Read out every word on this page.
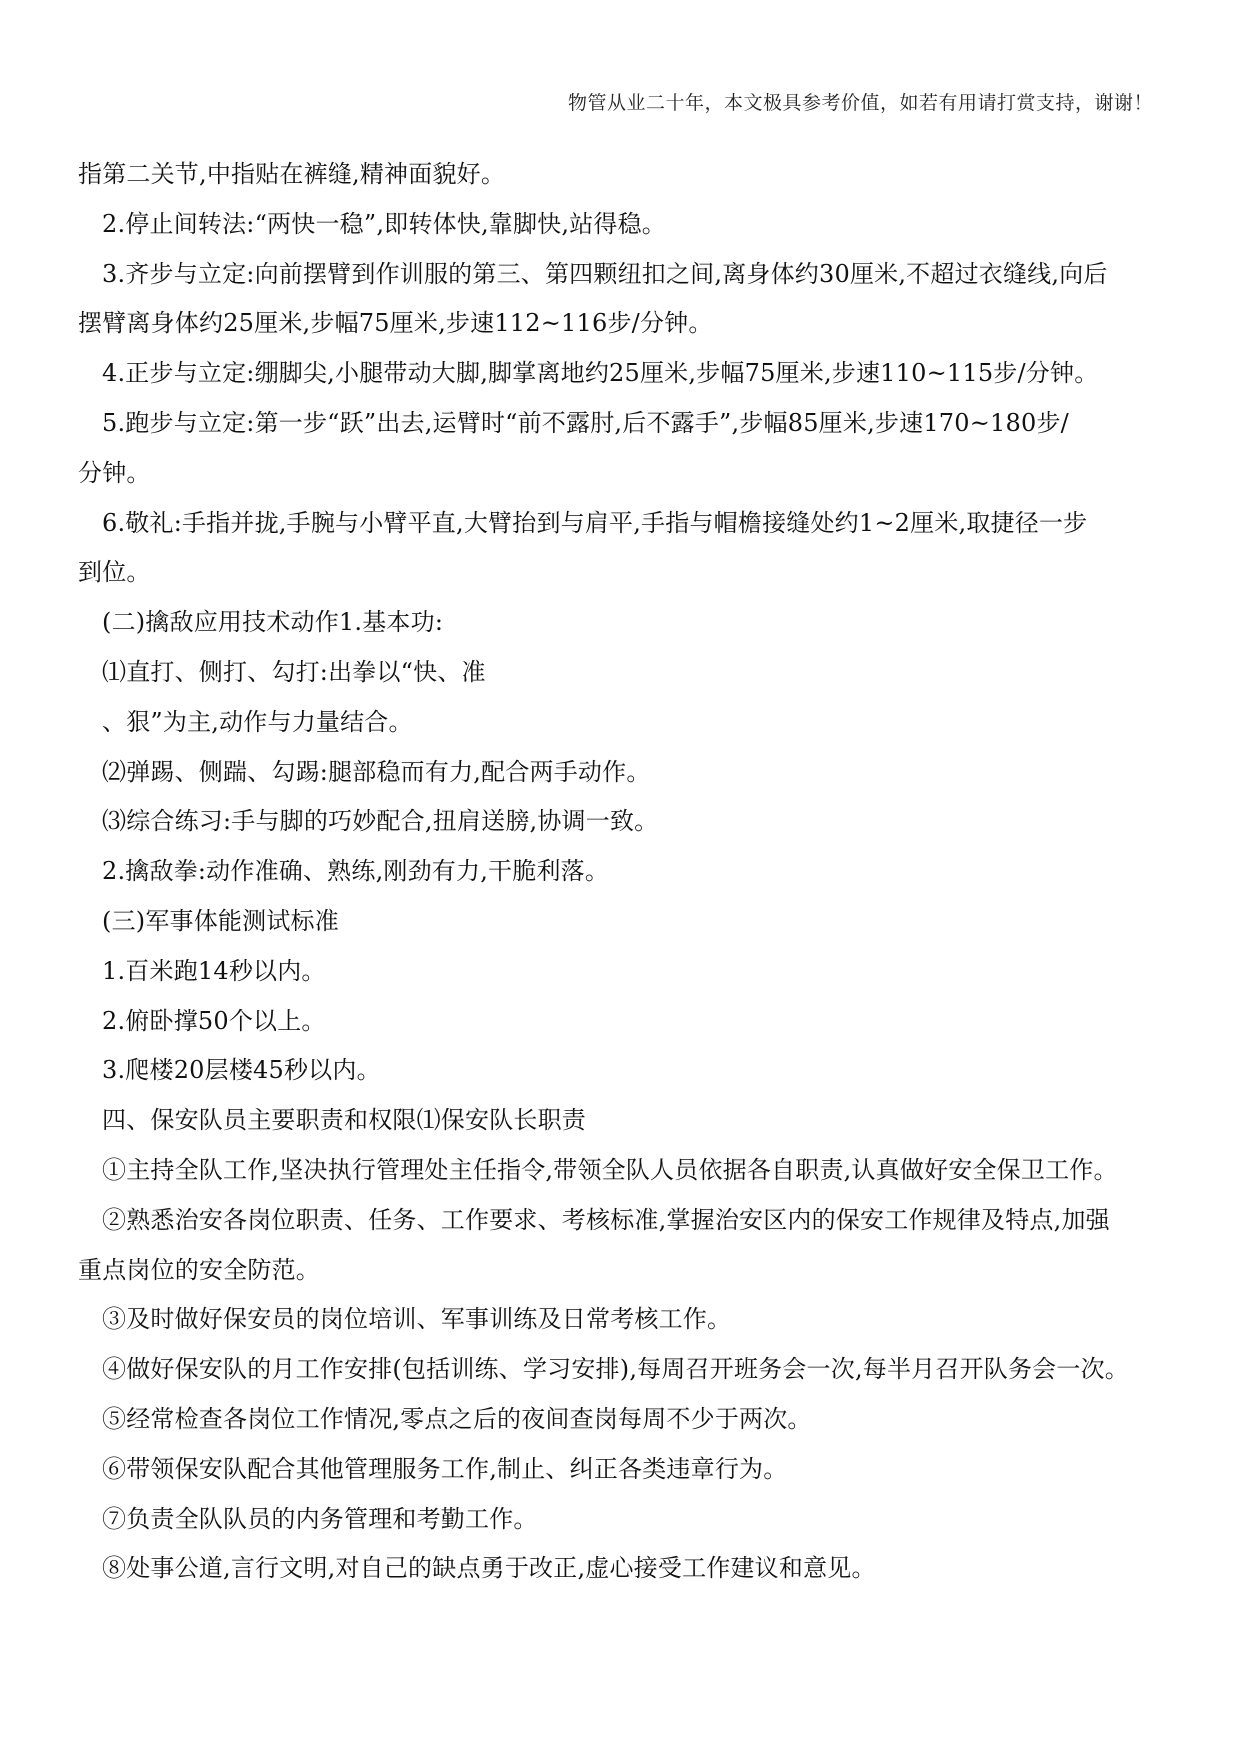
物管从业二十年，本文极具参考价值，如若有用请打赏支持，谢谢！

指第二关节,中指贴在裤缝,精神面貌好。

2.停止间转法:“两快一稳”,即转体快,靠脚快,站得稳。

3.齐步与立定:向前摆臂到作训服的第三、第四颗纽扣之间,离身体约30厘米,不超过衣缝线,向后

摆臂离身体约25厘米,步幅75厘米,步速112~116步/分钟。

4.正步与立定:绷脚尖,小腿带动大脚,脚掌离地约25厘米,步幅75厘米,步速110~115步/分钟。

5.跑步与立定:第一步“跃”出去,运臂时“前不露肘,后不露手”,步幅85厘米,步速170~180步/

分钟。

6.敬礼:手指并拢,手腕与小臂平直,大臂抬到与肩平,手指与帽檐接缝处约1~2厘米,取捷径一步

到位。

(二)擒敌应用技术动作1.基本功:

⑴直打、侧打、勾打:出拳以“快、准

、狠”为主,动作与力量结合。

⑵弹踢、侧踹、勾踢:腿部稳而有力,配合两手动作。

⑶综合练习:手与脚的巧妙配合,扭肩送膀,协调一致。

2.擒敌拳:动作准确、熟练,刚劲有力,干脆利落。

(三)军事体能测试标准

1.百米跑14秒以内。

2.俯卧撑50个以上。

3.爬楼20层楼45秒以内。

四、保安队员主要职责和权限⑴保安队长职责

①主持全队工作,坚决执行管理处主任指令,带领全队人员依据各自职责,认真做好安全保卫工作。

②熟悉治安各岗位职责、任务、工作要求、考核标准,掌握治安区内的保安工作规律及特点,加强

重点岗位的安全防范。

③及时做好保安员的岗位培训、军事训练及日常考核工作。

④做好保安队的月工作安排(包括训练、学习安排),每周召开班务会一次,每半月召开队务会一次。

⑤经常检查各岗位工作情况,零点之后的夜间查岗每周不少于两次。

⑥带领保安队配合其他管理服务工作,制止、纠正各类违章行为。

⑦负责全队队员的内务管理和考勤工作。

⑧处事公道,言行文明,对自己的缺点勇于改正,虚心接受工作建议和意见。
